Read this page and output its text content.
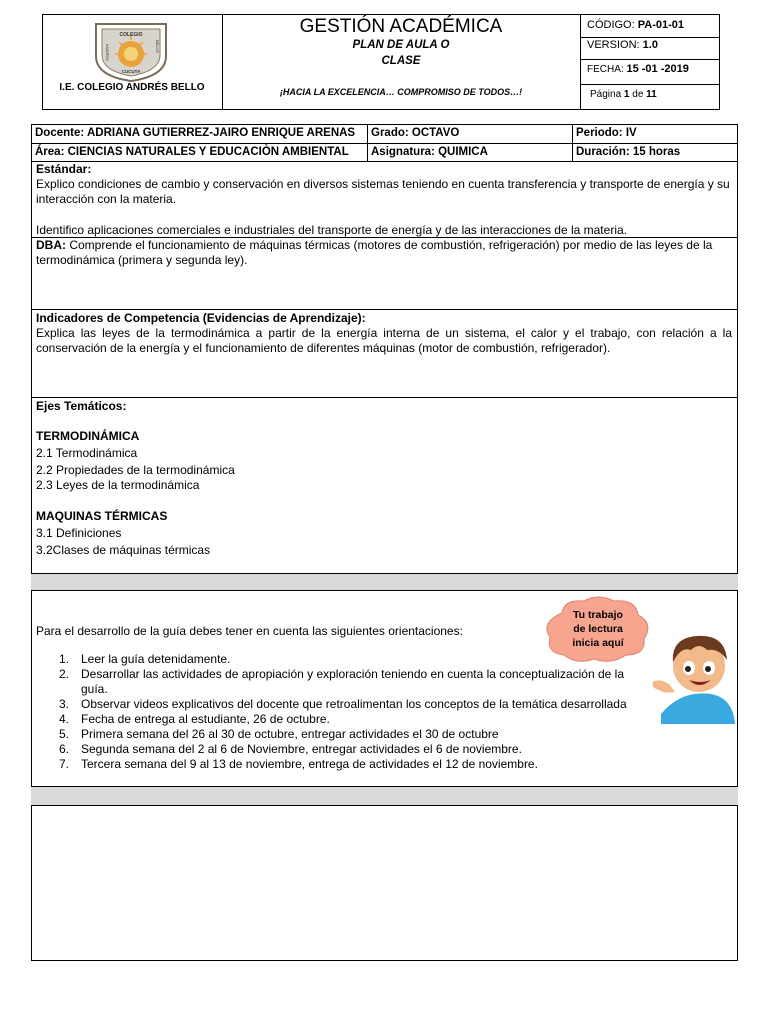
COLEGIO
ANDRES	BELLO
CUCUTA
I.E. COLEGIO ANDRÉS BELLO
GESTIÓN ACADÉMICA
PLAN DE AULA O
CLASE
¡HACIA LA EXCELENCIA… COMPROMISO DE TODOS…!
CÓDIGO: PA-01-01
VERSION: 1.0
FECHA: 15 -01 -2019
Página 1 de 11
Docente: ADRIANA GUTIERREZ-JAIRO ENRIQUE ARENAS	Grado: OCTAVO	Periodo: IV
Área: CIENCIAS NATURALES Y EDUCACIÒN AMBIENTAL	Asignatura: QUIMICA	Duración: 15 horas
Estándar:
Explico condiciones de cambio y conservación en diversos sistemas teniendo en cuenta transferencia y transporte de energía y su interacción con la materia.
Identifico aplicaciones comerciales e industriales del transporte de energía y de las interacciones de la materia.
DBA: Comprende el funcionamiento de máquinas térmicas (motores de combustión, refrigeración) por medio de las leyes de la termodinámica (primera y segunda ley).
Indicadores de Competencia (Evidencias de Aprendizaje):
Explica las leyes de la termodinámica a partir de la energía interna de un sistema, el calor y el trabajo, con relación a la conservación de la energía y el funcionamiento de diferentes máquinas (motor de combustión, refrigerador).
Ejes Temáticos:
TERMODINÁMICA
2.1 Termodinámica
2.2 Propiedades de la termodinámica
2.3 Leyes de la termodinámica
MAQUINAS TÉRMICAS
3.1 Definiciones
3.2Clases de máquinas térmicas
Para el desarrollo de la guía debes tener en cuenta las siguientes orientaciones:
Tu trabajo
de lectura
inicia aquí
1. Leer la guía detenidamente.
2. Desarrollar las actividades de apropiación y exploración teniendo en cuenta la conceptualización de la guía.
3. Observar videos explicativos del docente que retroalimentan los conceptos de la temática desarrollada
4. Fecha de entrega al estudiante, 26 de octubre.
5. Primera semana del 26 al 30 de octubre, entregar actividades el 30 de octubre
6. Segunda semana del 2 al 6 de Noviembre, entregar actividades el 6 de noviembre.
7. Tercera semana del 9 al 13 de noviembre, entrega de actividades el 12 de noviembre.
